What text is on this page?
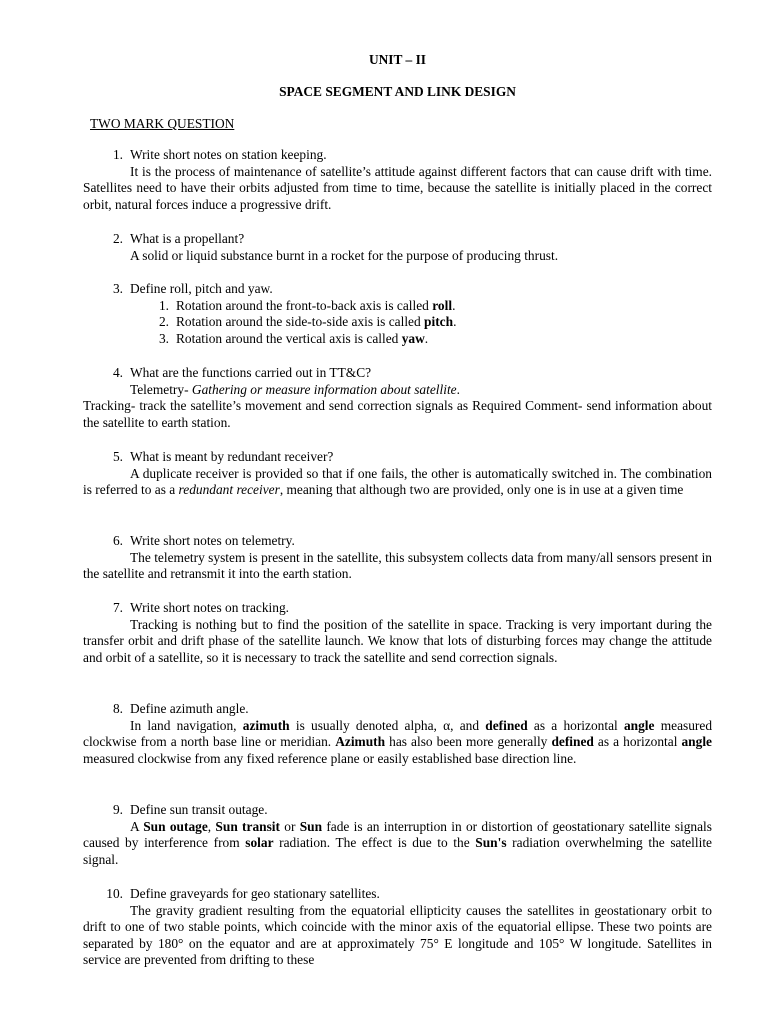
UNIT – II
SPACE SEGMENT AND LINK DESIGN
TWO MARK QUESTION
1. Write short notes on station keeping.
It is the process of maintenance of satellite’s attitude against different factors that can cause drift with time. Satellites need to have their orbits adjusted from time to time, because the satellite is initially placed in the correct orbit, natural forces induce a progressive drift.
2. What is a propellant?
A solid or liquid substance burnt in a rocket for the purpose of producing thrust.
3. Define roll, pitch and yaw.
1. Rotation around the front-to-back axis is called roll.
2. Rotation around the side-to-side axis is called pitch.
3. Rotation around the vertical axis is called yaw.
4. What are the functions carried out in TT&C?
Telemetry- Gathering or measure information about satellite.
Tracking- track the satellite’s movement and send correction signals as Required Comment- send information about the satellite to earth station.
5. What is meant by redundant receiver?
A duplicate receiver is provided so that if one fails, the other is automatically switched in. The combination is referred to as a redundant receiver, meaning that although two are provided, only one is in use at a given time
6. Write short notes on telemetry.
The telemetry system is present in the satellite, this subsystem collects data from many/all sensors present in the satellite and retransmit it into the earth station.
7. Write short notes on tracking.
Tracking is nothing but to find the position of the satellite in space. Tracking is very important during the transfer orbit and drift phase of the satellite launch. We know that lots of disturbing forces may change the attitude and orbit of a satellite, so it is necessary to track the satellite and send correction signals.
8. Define azimuth angle.
In land navigation, azimuth is usually denoted alpha, α, and defined as a horizontal angle measured clockwise from a north base line or meridian. Azimuth has also been more generally defined as a horizontal angle measured clockwise from any fixed reference plane or easily established base direction line.
9. Define sun transit outage.
A Sun outage, Sun transit or Sun fade is an interruption in or distortion of geostationary satellite signals caused by interference from solar radiation. The effect is due to the Sun's radiation overwhelming the satellite signal.
10. Define graveyards for geo stationary satellites.
The gravity gradient resulting from the equatorial ellipticity causes the satellites in geostationary orbit to drift to one of two stable points, which coincide with the minor axis of the equatorial ellipse. These two points are separated by 180° on the equator and are at approximately 75° E longitude and 105° W longitude. Satellites in service are prevented from drifting to these
